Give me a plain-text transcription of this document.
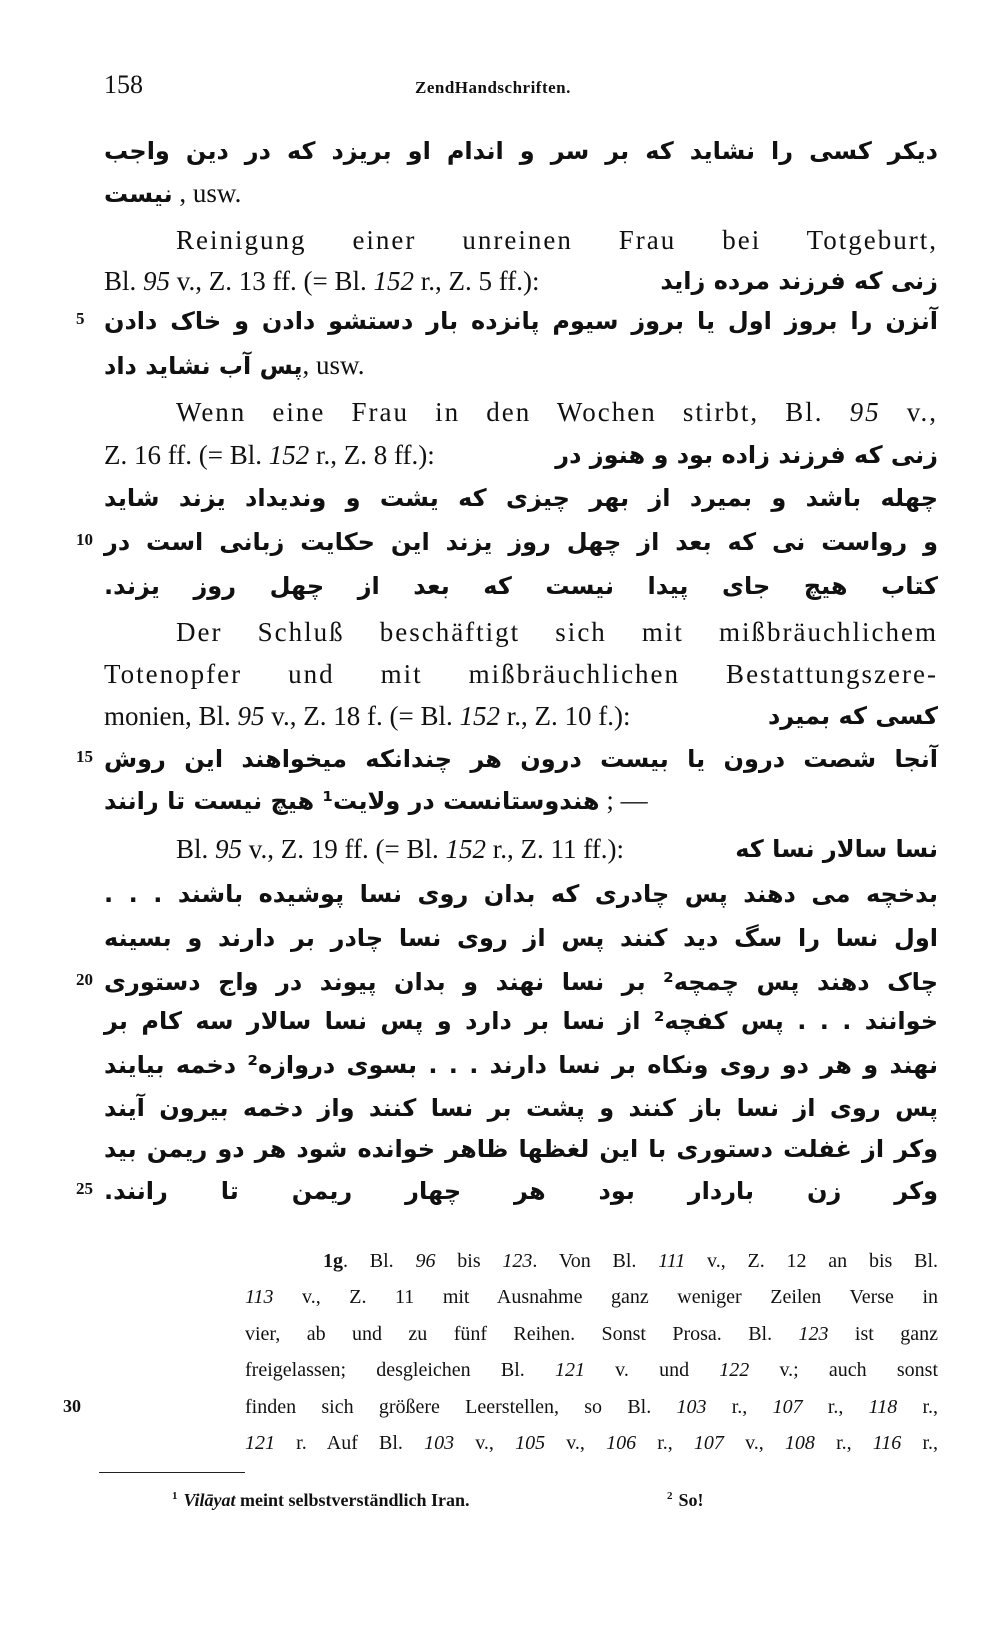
158	ZendHandschriften.
دیکر کسی را نشاید که بر سر و اندام او بریزد که در دین واجب
نیست , usw.
Reinigung einer unreinen Frau bei Totgeburt,
Bl. 95 v., Z. 13 ff. (= Bl. 152 r., Z. 5 ff.):	زنی که فرزند مرده زاید
آنزن را بروز اول یا بروز سیوم پانزده بار دستشو دادن و خاک دادن
5
پس آب نشاید داد, usw.
Wenn eine Frau in den Wochen stirbt, Bl. 95 v.,
Z. 16 ff. (= Bl. 152 r., Z. 8 ff.):	زنی که فرزند زاده بود و هنوز در
چهله باشد و بمیرد از بهر چیزی که یشت و وندیداد یزند شاید
و رواست نی که بعد از چهل روز یزند این حکایت زبانی است در
10
کتاب هیچ جای پیدا نیست که بعد از چهل روز یزند.
Der Schluß beschäftigt sich mit mißbräuchlichem
Totenopfer und mit mißbräuchlichen Bestattungszere-
monien, Bl. 95 v., Z. 18 f. (= Bl. 152 r., Z. 10 f.):	کسی که بمیرد
آنجا شصت درون یا بیست درون هر چندانکه میخواهند این روش
15
هندوستانست در ولایت¹ هیچ نیست تا رانند ; —
Bl. 95 v., Z. 19 ff. (= Bl. 152 r., Z. 11 ff.):	نسا سالار نسا که
بدخچه می دهند پس چادری که بدان روی نسا پوشیده باشند . . .
اول نسا را سگ دید کنند پس از روی نسا چادر بر دارند و بسینه
چاک دهند پس چمچه² بر نسا نهند و بدان پیوند در واج دستوری
20
خوانند . . . پس کفچه² از نسا بر دارد و پس نسا سالار سه کام بر
نهند و هر دو روی ونکاه بر نسا دارند . . . بسوی دروازه² دخمه بیایند
پس روی از نسا باز کنند و پشت بر نسا کنند واز دخمه بیرون آیند
وکر از غفلت دستوری با این لغظها ظاهر خوانده شود هر دو ریمن بید
وکر زن باردار بود هر چهار ریمن تا رانند.
25
1g. Bl. 96 bis 123. Von Bl. 111 v., Z. 12 an bis Bl.
113 v., Z. 11 mit Ausnahme ganz weniger Zeilen Verse in
vier, ab und zu fünf Reihen. Sonst Prosa. Bl. 123 ist ganz
freigelassen; desgleichen Bl. 121 v. und 122 v.; auch sonst
finden sich größere Leerstellen, so Bl. 103 r., 107 r., 118 r.,
30
121 r. Auf Bl. 103 v., 105 v., 106 r., 107 v., 108 r., 116 r.,
$^1$ Vilāyat meint selbstverständlich Iran.	$^2$ So!
